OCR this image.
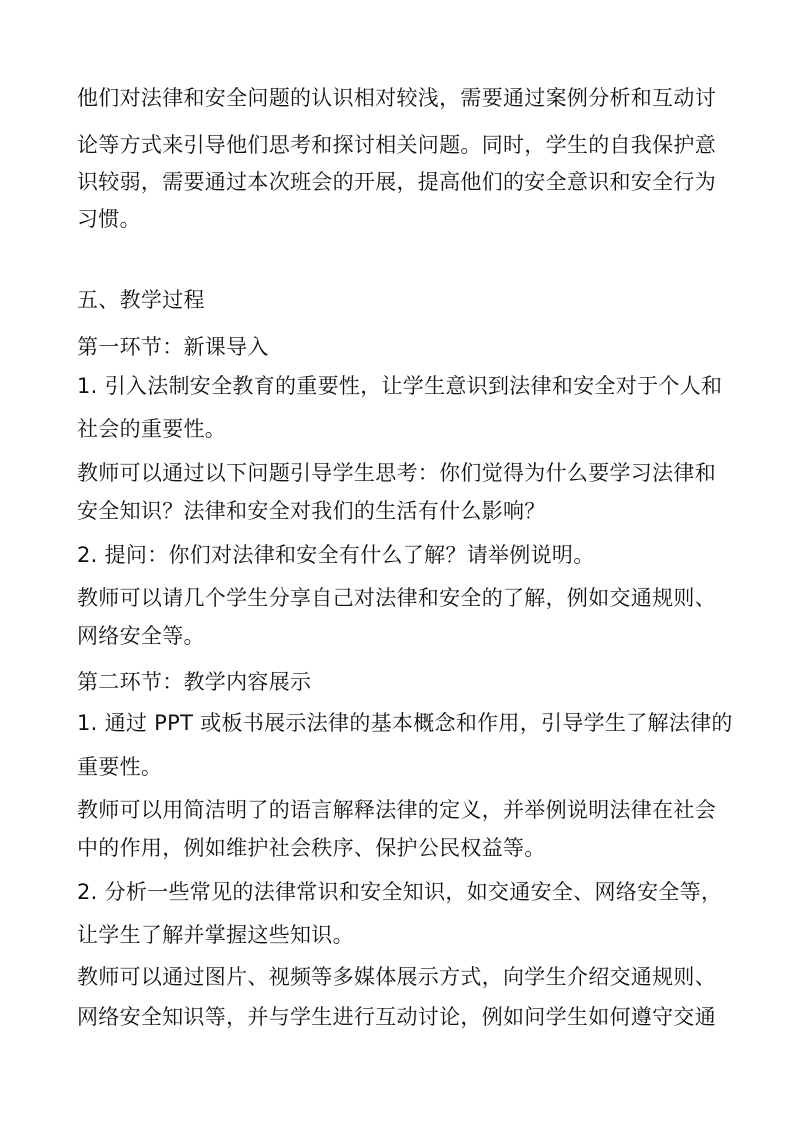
他们对法律和安全问题的认识相对较浅，需要通过案例分析和互动讨
论等方式来引导他们思考和探讨相关问题。同时，学生的自我保护意
识较弱，需要通过本次班会的开展，提高他们的安全意识和安全行为
习惯。
五、教学过程
第一环节：新课导入
1. 引入法制安全教育的重要性，让学生意识到法律和安全对于个人和
社会的重要性。
教师可以通过以下问题引导学生思考：你们觉得为什么要学习法律和
安全知识？法律和安全对我们的生活有什么影响？
2. 提问：你们对法律和安全有什么了解？请举例说明。
教师可以请几个学生分享自己对法律和安全的了解，例如交通规则、
网络安全等。
第二环节：教学内容展示
1. 通过 PPT 或板书展示法律的基本概念和作用，引导学生了解法律的
重要性。
教师可以用简洁明了的语言解释法律的定义，并举例说明法律在社会
中的作用，例如维护社会秩序、保护公民权益等。
2. 分析一些常见的法律常识和安全知识，如交通安全、网络安全等，
让学生了解并掌握这些知识。
教师可以通过图片、视频等多媒体展示方式，向学生介绍交通规则、
网络安全知识等，并与学生进行互动讨论，例如问学生如何遵守交通
